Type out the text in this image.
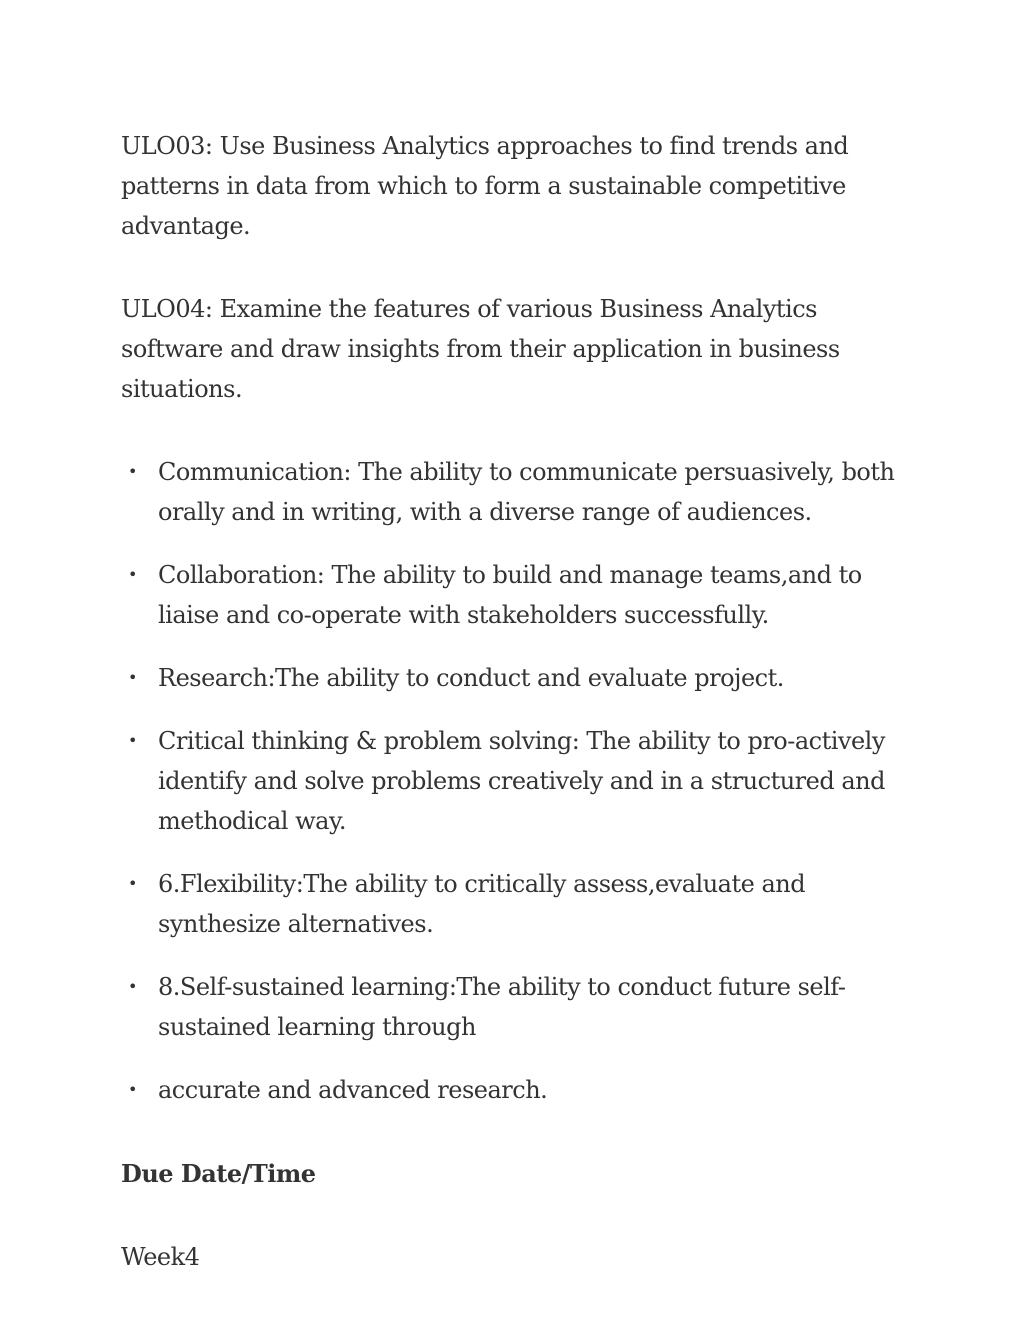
ULO03: Use Business Analytics approaches to find trends and patterns in data from which to form a sustainable competitive advantage.

ULO04: Examine the features of various Business Analytics software and draw insights from their application in business situations.

• Communication: The ability to communicate persuasively, both orally and in writing, with a diverse range of audiences.
• Collaboration: The ability to build and manage teams,and to liaise and co-operate with stakeholders successfully.
• Research:The ability to conduct and evaluate project.
• Critical thinking & problem solving: The ability to pro-actively identify and solve problems creatively and in a structured and methodical way.
• 6.Flexibility:The ability to critically assess,evaluate and synthesize alternatives.
• 8.Self-sustained learning:The ability to conduct future self-sustained learning through
• accurate and advanced research.
Due Date/Time
Week4
